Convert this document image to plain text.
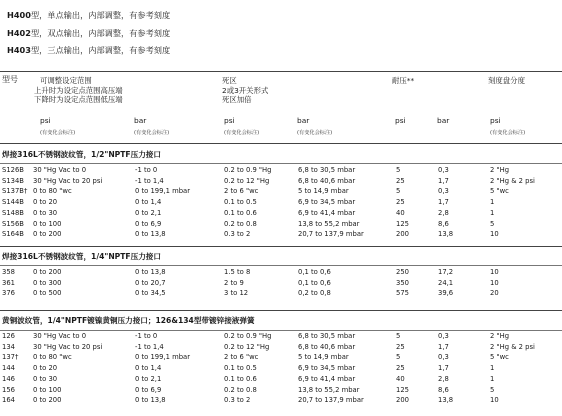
H400型，单点输出，内部调整，有参考刻度
H402型，双点输出，内部调整，有参考刻度
H403型，三点输出，内部调整，有参考刻度
型号	可调整设定范围
上升时为设定点范围高压端
下降时为设定点范围低压端
死区
2或3开关形式
死区加倍
耐压**	刻度盘分度
psi	bar	psi	bar	psi	bar	psi
(有变化会标注)	(有变化会标注)	(有变化会标注)	(有变化会标注)	(有变化会标注)
焊接316L不锈钢波纹管，1/2"NPTF压力接口
S126B 30 "Hg Vac to 0	-1 to 0	0.2 to 0.9 "Hg	6,8 to 30,5 mbar	5	0,3	2 "Hg
S134B 30 "Hg Vac to 20 psi	-1 to 1,4	0.2 to 12 "Hg	6,8 to 40,6 mbar	25	1,7	2 "Hg & 2 psi
S137B† 0 to 80 "wc	0 to 199,1 mbar	2 to 6 "wc	5 to 14,9 mbar	5	0,3	5 "wc
S144B 0 to 20	0 to 1,4	0.1 to 0.5	6,9 to 34,5 mbar	25	1,7	1
S148B 0 to 30	0 to 2,1	0.1 to 0.6	6,9 to 41,4 mbar	40	2,8	1
S156B 0 to 100	0 to 6,9	0.2 to 0.8	13,8 to 55,2 mbar	125	8,6	5
S164B 0 to 200	0 to 13,8	0.3 to 2	20,7 to 137,9 mbar	200	13,8	10
焊接316L不锈钢波纹管，1/4"NPTF压力接口
358	0 to 200	0 to 13,8	1.5 to 8	0,1 to 0,6	250	17,2	10
361	0 to 300	0 to 20,7	2 to 9	0,1 to 0,6	350	24,1	10
376	0 to 500	0 to 34,5	3 to 12	0,2 to 0,8	575	39,6	20
黄铜波纹管，1/4"NPTF镀镍黄铜压力接口；126&134型带镀锌接液弹簧
126	30 "Hg Vac to 0	-1 to 0	0.2 to 0.9 "Hg	6,8 to 30,5 mbar	5	0,3	2 "Hg
134	30 "Hg Vac to 20 psi	-1 to 1,4	0.2 to 12 "Hg	6,8 to 40,6 mbar	25	1,7	2 "Hg & 2 psi
137† 0 to 80 "wc	0 to 199,1 mbar	2 to 6 "wc	5 to 14,9 mbar	5	0,3	5 "wc
144	0 to 20	0 to 1,4	0.1 to 0.5	6,9 to 34,5 mbar	25	1,7	1
146	0 to 30	0 to 2,1	0.1 to 0.6	6,9 to 41,4 mbar	40	2,8	1
156	0 to 100	0 to 6,9	0.2 to 0.8	13,8 to 55,2 mbar	125	8,6	5
164	0 to 200	0 to 13,8	0.3 to 2	20,7 to 137,9 mbar	200	13,8	10
